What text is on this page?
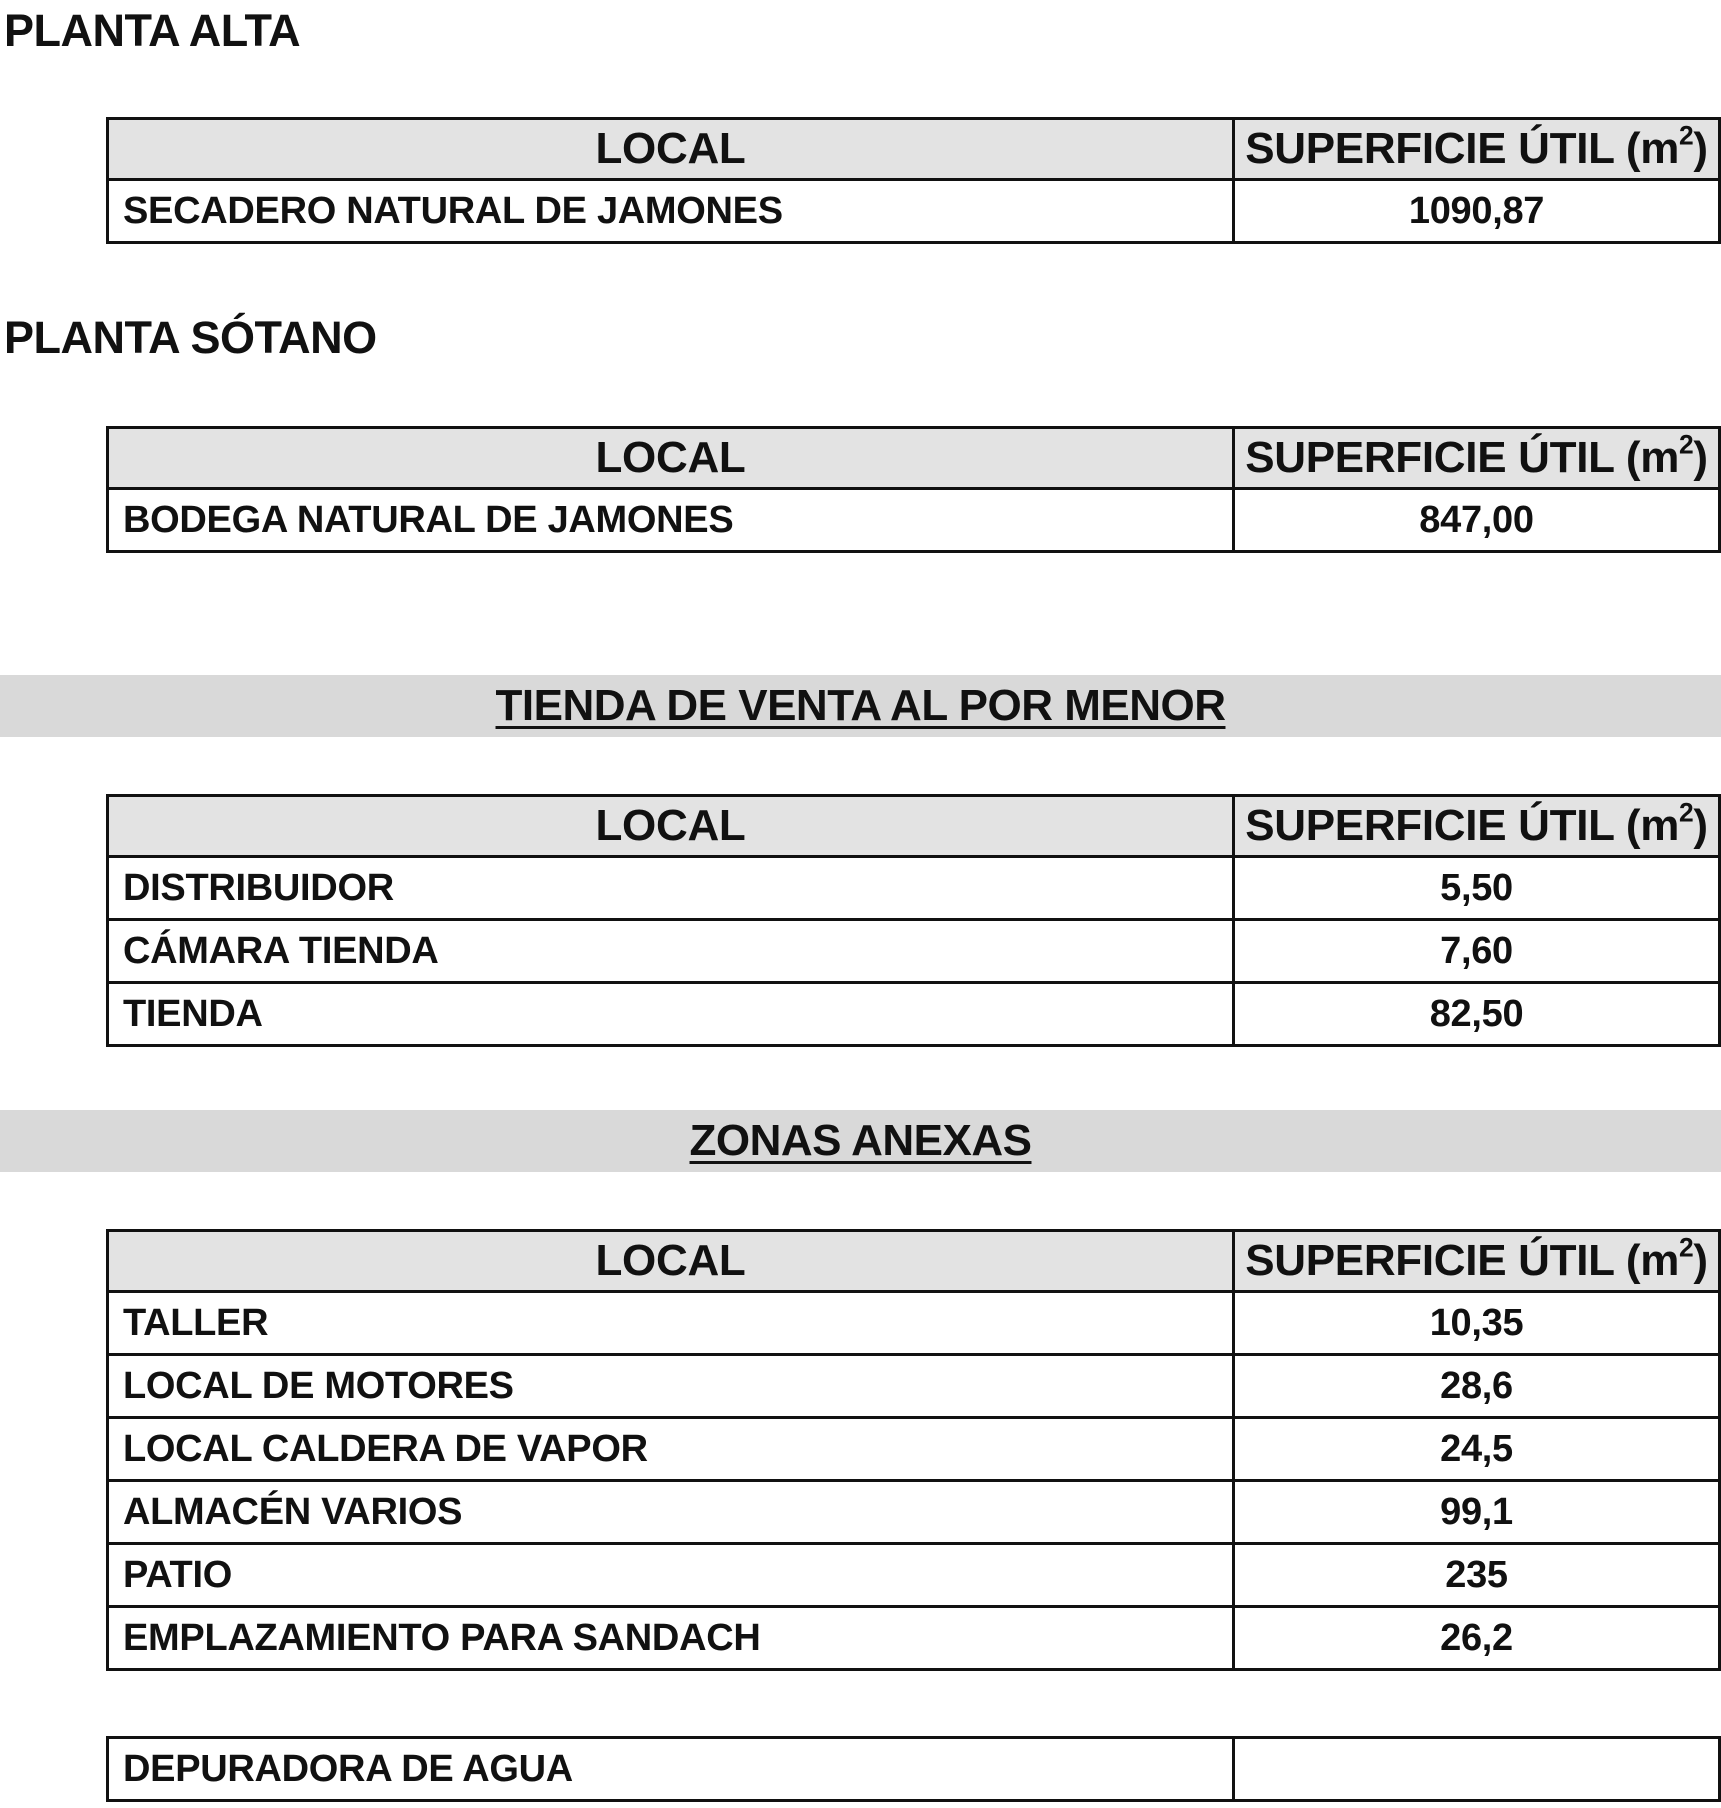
PLANTA ALTA
LOCAL	SUPERFICIE ÚTIL $(m^2)$
SECADERO NATURAL DE JAMONES	1090,87
PLANTA SÓTANO
LOCAL	SUPERFICIE ÚTIL $(m^2)$
BODEGA NATURAL DE JAMONES	847,00
TIENDA DE VENTA AL POR MENOR
LOCAL	SUPERFICIE ÚTIL $(m^2)$
DISTRIBUIDOR	5,50
CÁMARA TIENDA	7,60
TIENDA	82,50
ZONAS ANEXAS
LOCAL	SUPERFICIE ÚTIL $(m^2)$
TALLER	10,35
LOCAL DE MOTORES	28,6
LOCAL CALDERA DE VAPOR	24,5
ALMACÉN VARIOS	99,1
PATIO	235
EMPLAZAMIENTO PARA SANDACH	26,2
DEPURADORA DE AGUA	
